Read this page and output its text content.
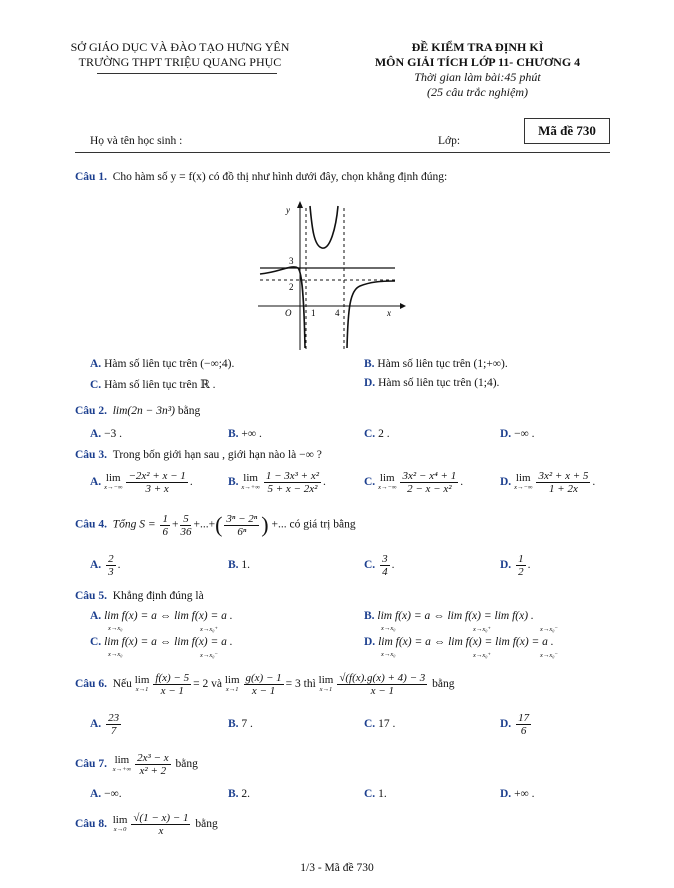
SỞ GIÁO DỤC VÀ ĐÀO TẠO HƯNG YÊN
TRƯỜNG THPT TRIỆU QUANG PHỤC
ĐỀ KIỂM TRA ĐỊNH KÌ
MÔN GIẢI TÍCH LỚP 11- CHƯƠNG 4
Thời gian làm bài:45 phút
(25 câu trắc nghiệm)
Họ và tên học sinh :	Lớp:
Mã đề 730
Câu 1. Cho hàm số y = f(x) có đồ thị như hình dưới đây, chọn khẳng định đúng:
y
3
2
O 1 4	x
A. Hàm số liên tục trên (−∞;4).	B. Hàm số liên tục trên (1;+∞).
C. Hàm số liên tục trên ℝ .	D. Hàm số liên tục trên (1;4).
Câu 2. lim(2n − 3n³) bằng
A. −3 .	B. +∞ .	C. 2 .	D. −∞ .
Câu 3. Trong bốn giới hạn sau , giới hạn nào là −∞ ?
A. lim
$x\to-\infty \frac{\text{−2x² + x − 1}}{3 + x}$ .	B. lim
$x\to+\infty \frac{\text{1 − 3x³ + x²}}{\text{5 + x − 2x²}}$ .	C. lim
$x\to-\infty \frac{\text{3x² − x⁴ + 1}}{\text{2 − x − x²}}$ .	D. lim
$x\to-\infty \frac{\text{3x² + x + 5}}{1 + 2x}$ .
Câu 4. Tổng $S = \frac{1}{6} + \frac{5}{36}$ +...+( $\frac{\text{3ⁿ − 2ⁿ}}{\text{6ⁿ}}$ ) +... có giá trị bằng
A. $\frac{2}{3}$ .	B. 1.	C. $\frac{3}{4}$ .	D. $\frac{1}{2}$ .
Câu 5. Khẳng định đúng là
A. lim f(x) = a ⇔ lim f(x) = a .	B. lim f(x) = a ⇔ lim f(x) = lim f(x) .
C. lim f(x) = a ⇔ lim f(x) = a .	D. lim f(x) = a ⇔ lim f(x) = lim f(x) = a .
x→x₀	x→x₀⁺	x→x₀	x→x₀⁺	x→x₀⁻
x→x₀	x→x₀⁻	x→x₀	x→x₀⁺	x→x₀⁻
Câu 6. Nếu lim
$x\to 1 \frac{f(x) - 5}{x - 1} = 2$ và lim
$x\to 1 \frac{g(x) - 1}{x - 1} = 3$ thì lim
$x\to 1 \frac{√(f(x).g(x) + 4) - 3}{x - 1}$ bằng
A. $\frac{23}{7}$	B. 7 .	C. 17 .	D. $\frac{17}{6}$
Câu 7. lim
$x\to+\infty \frac{\text{2x³ − x}}{\text{x² + 2}}$ bằng
A. −∞.	B. 2.	C. 1.	D. +∞ .
Câu 8. lim
$x\to 0 \frac{√(1 - x) - 1}{x}$ bằng
1/3 - Mã đề 730
